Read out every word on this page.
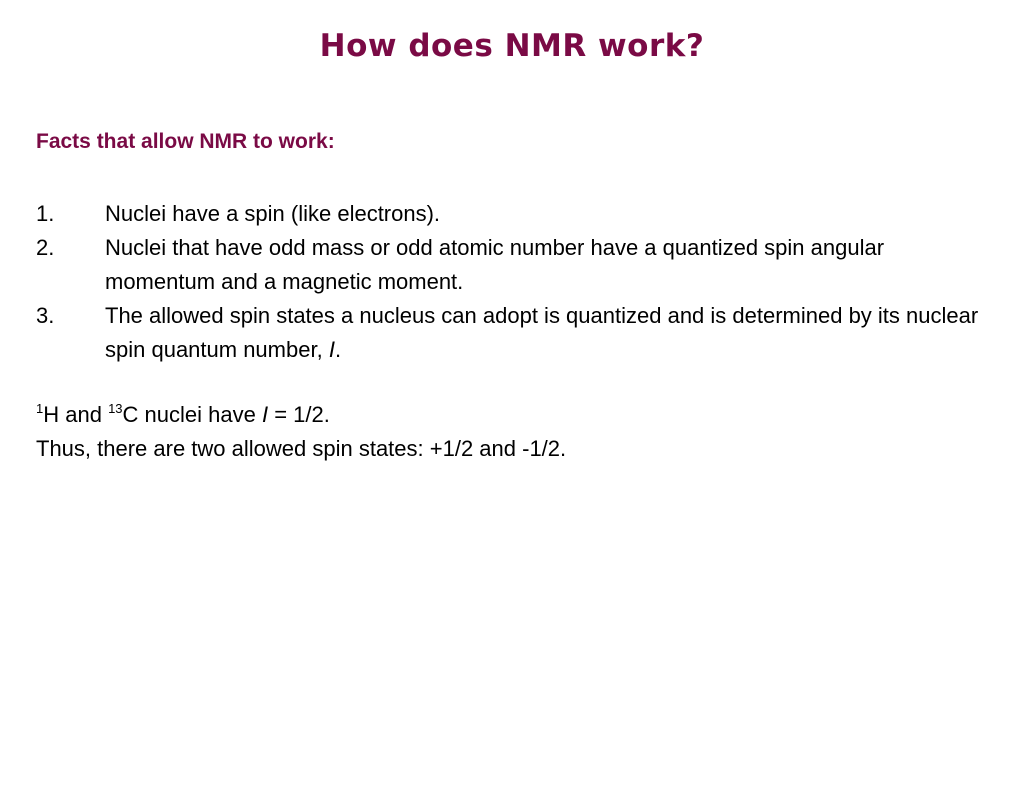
How does NMR work?
Facts that allow NMR to work:
1.	Nuclei have a spin (like electrons).
2.	Nuclei that have odd mass or odd atomic number have a quantized spin angular momentum and a magnetic moment.
3.	The allowed spin states a nucleus can adopt is quantized and is determined by its nuclear spin quantum number, I.
$^1$H and $^{13}$C nuclei have I = 1/2.
Thus, there are two allowed spin states: +1/2 and -1/2.
